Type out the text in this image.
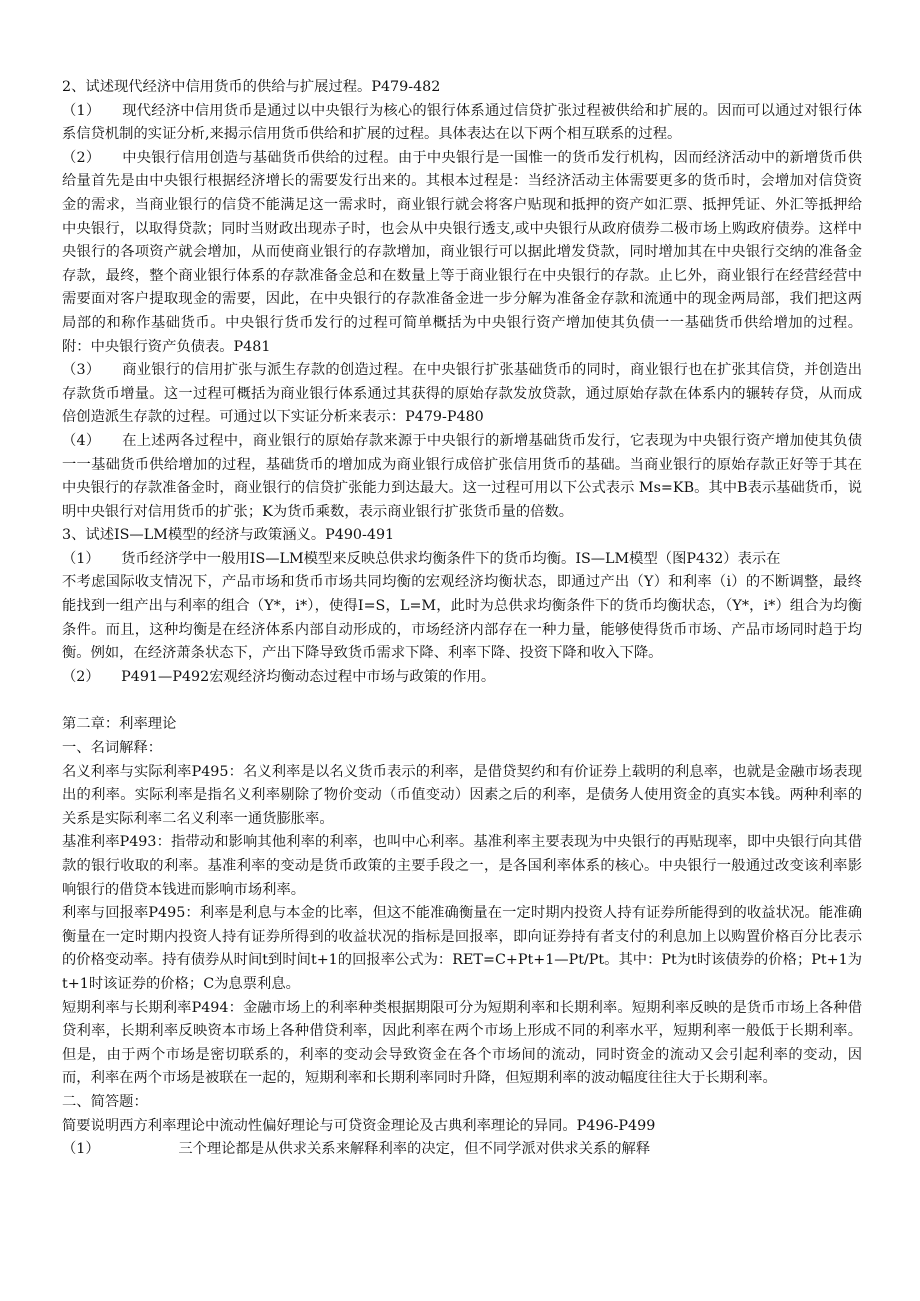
2、试述现代经济中信用货币的供给与扩展过程。P479-482

（1）　　现代经济中信用货币是通过以中央银行为核心的银行体系通过信贷扩张过程被供给和扩展的。因而可以通过对银行体系信贷机制的实证分析,来揭示信用货币供给和扩展的过程。具体表达在以下两个相互联系的过程。

（2）　　中央银行信用创造与基础货币供给的过程。由于中央银行是一国惟一的货币发行机构，因而经济活动中的新增货币供给量首先是由中央银行根据经济增长的需要发行出来的。其根本过程是：当经济活动主体需要更多的货币时，会增加对信贷资金的需求，当商业银行的信贷不能满足这一需求时，商业银行就会将客户贴现和抵押的资产如汇票、抵押凭证、外汇等抵押给中央银行，以取得贷款；同时当财政出现赤子时，也会从中央银行透支,或中央银行从政府债券二极市场上购政府债券。这样中央银行的各项资产就会增加，从而使商业银行的存款增加，商业银行可以据此增发贷款，同时增加其在中央银行交纳的准备金存款，最终，整个商业银行体系的存款准备金总和在数量上等于商业银行在中央银行的存款。止匕外，商业银行在经营经营中需要面对客户提取现金的需要，因此，在中央银行的存款准备金进一步分解为准备金存款和流通中的现金两局部，我们把这两局部的和称作基础货币。中央银行货币发行的过程可简单概括为中央银行资产增加使其负债一一基础货币供给增加的过程。附：中央银行资产负债表。P481

（3）　　商业银行的信用扩张与派生存款的创造过程。在中央银行扩张基础货币的同时，商业银行也在扩张其信贷，并创造出存款货币增量。这一过程可概括为商业银行体系通过其获得的原始存款发放贷款，通过原始存款在体系内的辗转存贷，从而成倍创造派生存款的过程。可通过以下实证分析来表示：P479-P480

（4）　　在上述两各过程中，商业银行的原始存款来源于中央银行的新增基础货币发行，它表现为中央银行资产增加使其负债一一基础货币供给增加的过程，基础货币的增加成为商业银行成倍扩张信用货币的基础。当商业银行的原始存款正好等于其在中央银行的存款准备金时，商业银行的信贷扩张能力到达最大。这一过程可用以下公式表示 Ms=KB。其中B表示基础货币，说明中央银行对信用货币的扩张；K为货币乘数，表示商业银行扩张货币量的倍数。

3、试述IS—LM模型的经济与政策涵义。P490-491

（1）　　货币经济学中一般用IS—LM模型来反映总供求均衡条件下的货币均衡。IS—LM模型（图P432）表示在

不考虑国际收支情况下，产品市场和货币市场共同均衡的宏观经济均衡状态，即通过产出（Y）和利率（i）的不断调整，最终能找到一组产出与利率的组合（Y*，i*），使得I=S，L=M，此时为总供求均衡条件下的货币均衡状态，（Y*，i*）组合为均衡条件。而且，这种均衡是在经济体系内部自动形成的，市场经济内部存在一种力量，能够使得货币市场、产品市场同时趋于均衡。例如，在经济萧条状态下，产出下降导致货币需求下降、利率下降、投资下降和收入下降。

（2）　　P491—P492宏观经济均衡动态过程中市场与政策的作用。

第二章：利率理论

一、名词解释：

名义利率与实际利率P495：名义利率是以名义货币表示的利率，是借贷契约和有价证券上载明的利息率，也就是金融市场表现出的利率。实际利率是指名义利率剔除了物价变动（币值变动）因素之后的利率，是债务人使用资金的真实本钱。两种利率的关系是实际利率二名义利率一通货膨胀率。

基准利率P493：指带动和影响其他利率的利率，也叫中心利率。基准利率主要表现为中央银行的再贴现率，即中央银行向其借款的银行收取的利率。基准利率的变动是货币政策的主要手段之一，是各国利率体系的核心。中央银行一般通过改变该利率影响银行的借贷本钱进而影响市场利率。

利率与回报率P495：利率是利息与本金的比率，但这不能准确衡量在一定时期内投资人持有证券所能得到的收益状况。能准确衡量在一定时期内投资人持有证券所得到的收益状况的指标是回报率，即向证券持有者支付的利息加上以购置价格百分比表示的价格变动率。持有债券从时间t到时间t+1的回报率公式为：RET=C+Pt+1—Pt/Pt。其中：Pt为t时该债券的价格；Pt+1为t+1时该证券的价格；C为息票利息。

短期利率与长期利率P494：金融市场上的利率种类根据期限可分为短期利率和长期利率。短期利率反映的是货币市场上各种借贷利率，长期利率反映资本市场上各种借贷利率，因此利率在两个市场上形成不同的利率水平，短期利率一般低于长期利率。但是，由于两个市场是密切联系的，利率的变动会导致资金在各个市场间的流动，同时资金的流动又会引起利率的变动，因而，利率在两个市场是被联在一起的，短期利率和长期利率同时升降，但短期利率的波动幅度往往大于长期利率。

二、简答题：

简要说明西方利率理论中流动性偏好理论与可贷资金理论及古典利率理论的异同。P496-P499

（1）　　　　　　三个理论都是从供求关系来解释利率的决定，但不同学派对供求关系的解释
